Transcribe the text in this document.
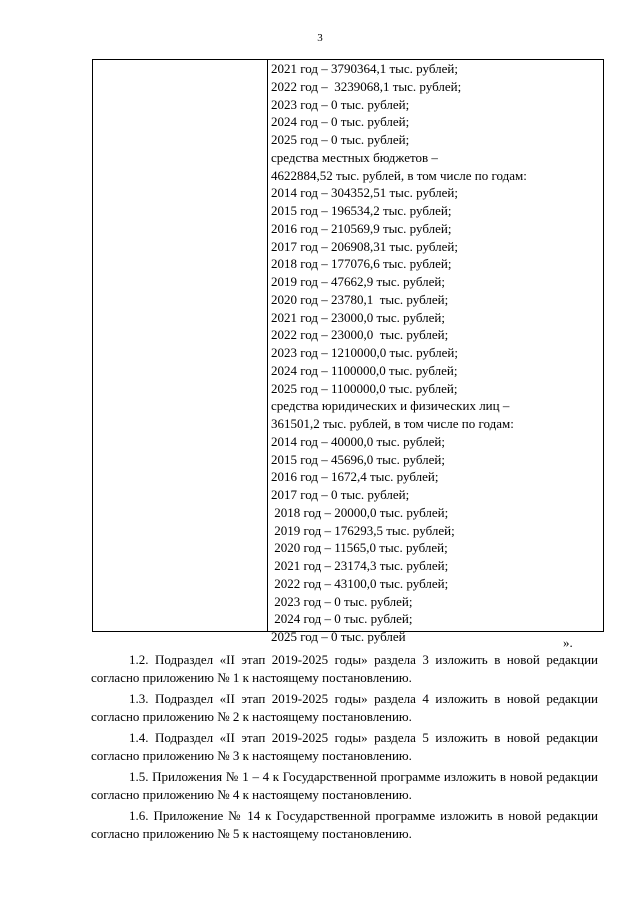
3
2021 год – 3790364,1 тыс. рублей;
2022 год –  3239068,1 тыс. рублей;
2023 год – 0 тыс. рублей;
2024 год – 0 тыс. рублей;
2025 год – 0 тыс. рублей;
средства местных бюджетов –
4622884,52 тыс. рублей, в том числе по годам:
2014 год – 304352,51 тыс. рублей;
2015 год – 196534,2 тыс. рублей;
2016 год – 210569,9 тыс. рублей;
2017 год – 206908,31 тыс. рублей;
2018 год – 177076,6 тыс. рублей;
2019 год – 47662,9 тыс. рублей;
2020 год – 23780,1  тыс. рублей;
2021 год – 23000,0 тыс. рублей;
2022 год – 23000,0  тыс. рублей;
2023 год – 1210000,0 тыс. рублей;
2024 год – 1100000,0 тыс. рублей;
2025 год – 1100000,0 тыс. рублей;
средства юридических и физических лиц –
361501,2 тыс. рублей, в том числе по годам:
2014 год – 40000,0 тыс. рублей;
2015 год – 45696,0 тыс. рублей;
2016 год – 1672,4 тыс. рублей;
2017 год – 0 тыс. рублей;
2018 год – 20000,0 тыс. рублей;
2019 год – 176293,5 тыс. рублей;
2020 год – 11565,0 тыс. рублей;
2021 год – 23174,3 тыс. рублей;
2022 год – 43100,0 тыс. рублей;
2023 год – 0 тыс. рублей;
2024 год – 0 тыс. рублей;
2025 год – 0 тыс. рублей	».

1.2. Подраздел «II этап 2019-2025 годы» раздела 3 изложить в новой редакции согласно приложению № 1 к настоящему постановлению.

1.3. Подраздел «II этап 2019-2025 годы» раздела 4 изложить в новой редакции согласно приложению № 2 к настоящему постановлению.

1.4. Подраздел «II этап 2019-2025 годы» раздела 5 изложить в новой редакции согласно приложению № 3 к настоящему постановлению.

1.5. Приложения № 1 – 4 к Государственной программе изложить в новой редакции согласно приложению № 4 к настоящему постановлению.

1.6. Приложение № 14 к Государственной программе изложить в новой редакции согласно приложению № 5 к настоящему постановлению.
